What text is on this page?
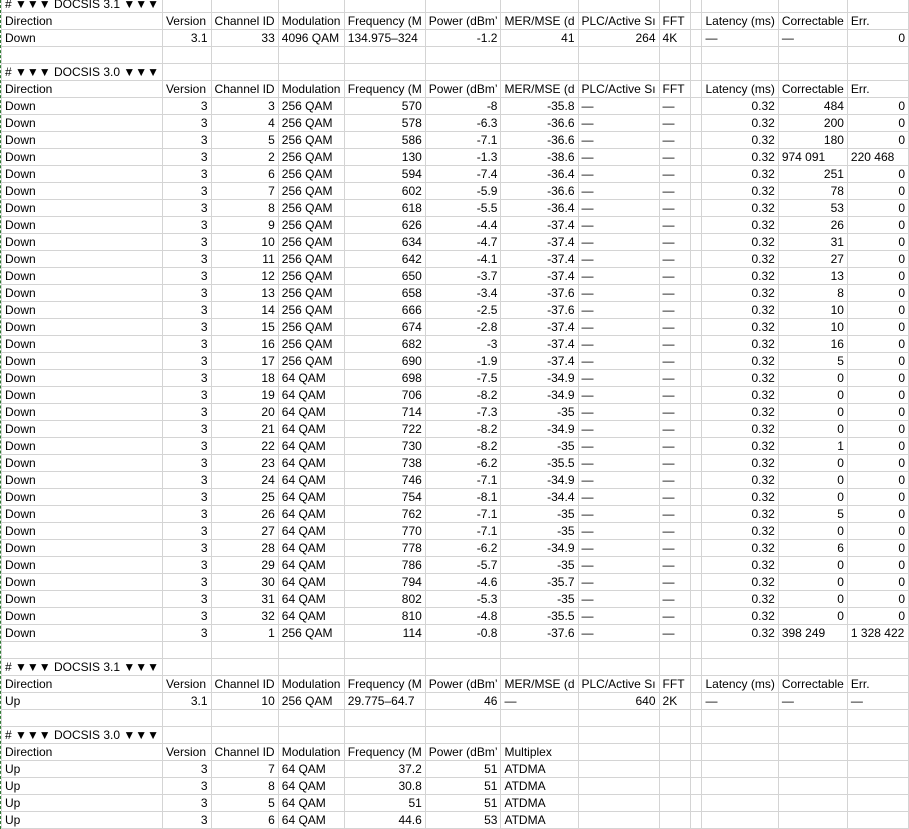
# ▼▼▼ DOCSIS 3.1 ▼▼▼												
Direction	Version	Channel ID	Modulation	Frequency (M	Power (dBm’	MER/MSE (d	PLC/Active Sı	FFT		Latency (ms)	Correctable	Err.
Down	3.1	33	4096 QAM	134.975–324	-1.2	41	264	4K		—	—	0

# ▼▼▼ DOCSIS 3.0 ▼▼▼												
Direction	Version	Channel ID	Modulation	Frequency (M	Power (dBm’	MER/MSE (d	PLC/Active Sı	FFT		Latency (ms)	Correctable	Err.
Down	3	3	256 QAM	570	-8	-35.8	—	—		0.32	484	0
Down	3	4	256 QAM	578	-6.3	-36.6	—	—		0.32	200	0
Down	3	5	256 QAM	586	-7.1	-36.6	—	—		0.32	180	0
Down	3	2	256 QAM	130	-1.3	-38.6	—	—		0.32	974 091	220 468
Down	3	6	256 QAM	594	-7.4	-36.4	—	—		0.32	251	0
Down	3	7	256 QAM	602	-5.9	-36.6	—	—		0.32	78	0
Down	3	8	256 QAM	618	-5.5	-36.4	—	—		0.32	53	0
Down	3	9	256 QAM	626	-4.4	-37.4	—	—		0.32	26	0
Down	3	10	256 QAM	634	-4.7	-37.4	—	—		0.32	31	0
Down	3	11	256 QAM	642	-4.1	-37.4	—	—		0.32	27	0
Down	3	12	256 QAM	650	-3.7	-37.4	—	—		0.32	13	0
Down	3	13	256 QAM	658	-3.4	-37.6	—	—		0.32	8	0
Down	3	14	256 QAM	666	-2.5	-37.6	—	—		0.32	10	0
Down	3	15	256 QAM	674	-2.8	-37.4	—	—		0.32	10	0
Down	3	16	256 QAM	682	-3	-37.4	—	—		0.32	16	0
Down	3	17	256 QAM	690	-1.9	-37.4	—	—		0.32	5	0
Down	3	18	64 QAM	698	-7.5	-34.9	—	—		0.32	0	0
Down	3	19	64 QAM	706	-8.2	-34.9	—	—		0.32	0	0
Down	3	20	64 QAM	714	-7.3	-35	—	—		0.32	0	0
Down	3	21	64 QAM	722	-8.2	-34.9	—	—		0.32	0	0
Down	3	22	64 QAM	730	-8.2	-35	—	—		0.32	1	0
Down	3	23	64 QAM	738	-6.2	-35.5	—	—		0.32	0	0
Down	3	24	64 QAM	746	-7.1	-34.9	—	—		0.32	0	0
Down	3	25	64 QAM	754	-8.1	-34.4	—	—		0.32	0	0
Down	3	26	64 QAM	762	-7.1	-35	—	—		0.32	5	0
Down	3	27	64 QAM	770	-7.1	-35	—	—		0.32	0	0
Down	3	28	64 QAM	778	-6.2	-34.9	—	—		0.32	6	0
Down	3	29	64 QAM	786	-5.7	-35	—	—		0.32	0	0
Down	3	30	64 QAM	794	-4.6	-35.7	—	—		0.32	0	0
Down	3	31	64 QAM	802	-5.3	-35	—	—		0.32	0	0
Down	3	32	64 QAM	810	-4.8	-35.5	—	—		0.32	0	0
Down	3	1	256 QAM	114	-0.8	-37.6	—	—		0.32	398 249	1 328 422

# ▼▼▼ DOCSIS 3.1 ▼▼▼												
Direction	Version	Channel ID	Modulation	Frequency (M	Power (dBm’	MER/MSE (d	PLC/Active Sı	FFT		Latency (ms)	Correctable	Err.
Up	3.1	10	256 QAM	29.775–64.7	46	—	640	2K		—	—	—

# ▼▼▼ DOCSIS 3.0 ▼▼▼												
Direction	Version	Channel ID	Modulation	Frequency (M	Power (dBm’	Multiplex						
Up	3	7	64 QAM	37.2	51	ATDMA						
Up	3	8	64 QAM	30.8	51	ATDMA						
Up	3	5	64 QAM	51	51	ATDMA						
Up	3	6	64 QAM	44.6	53	ATDMA						
